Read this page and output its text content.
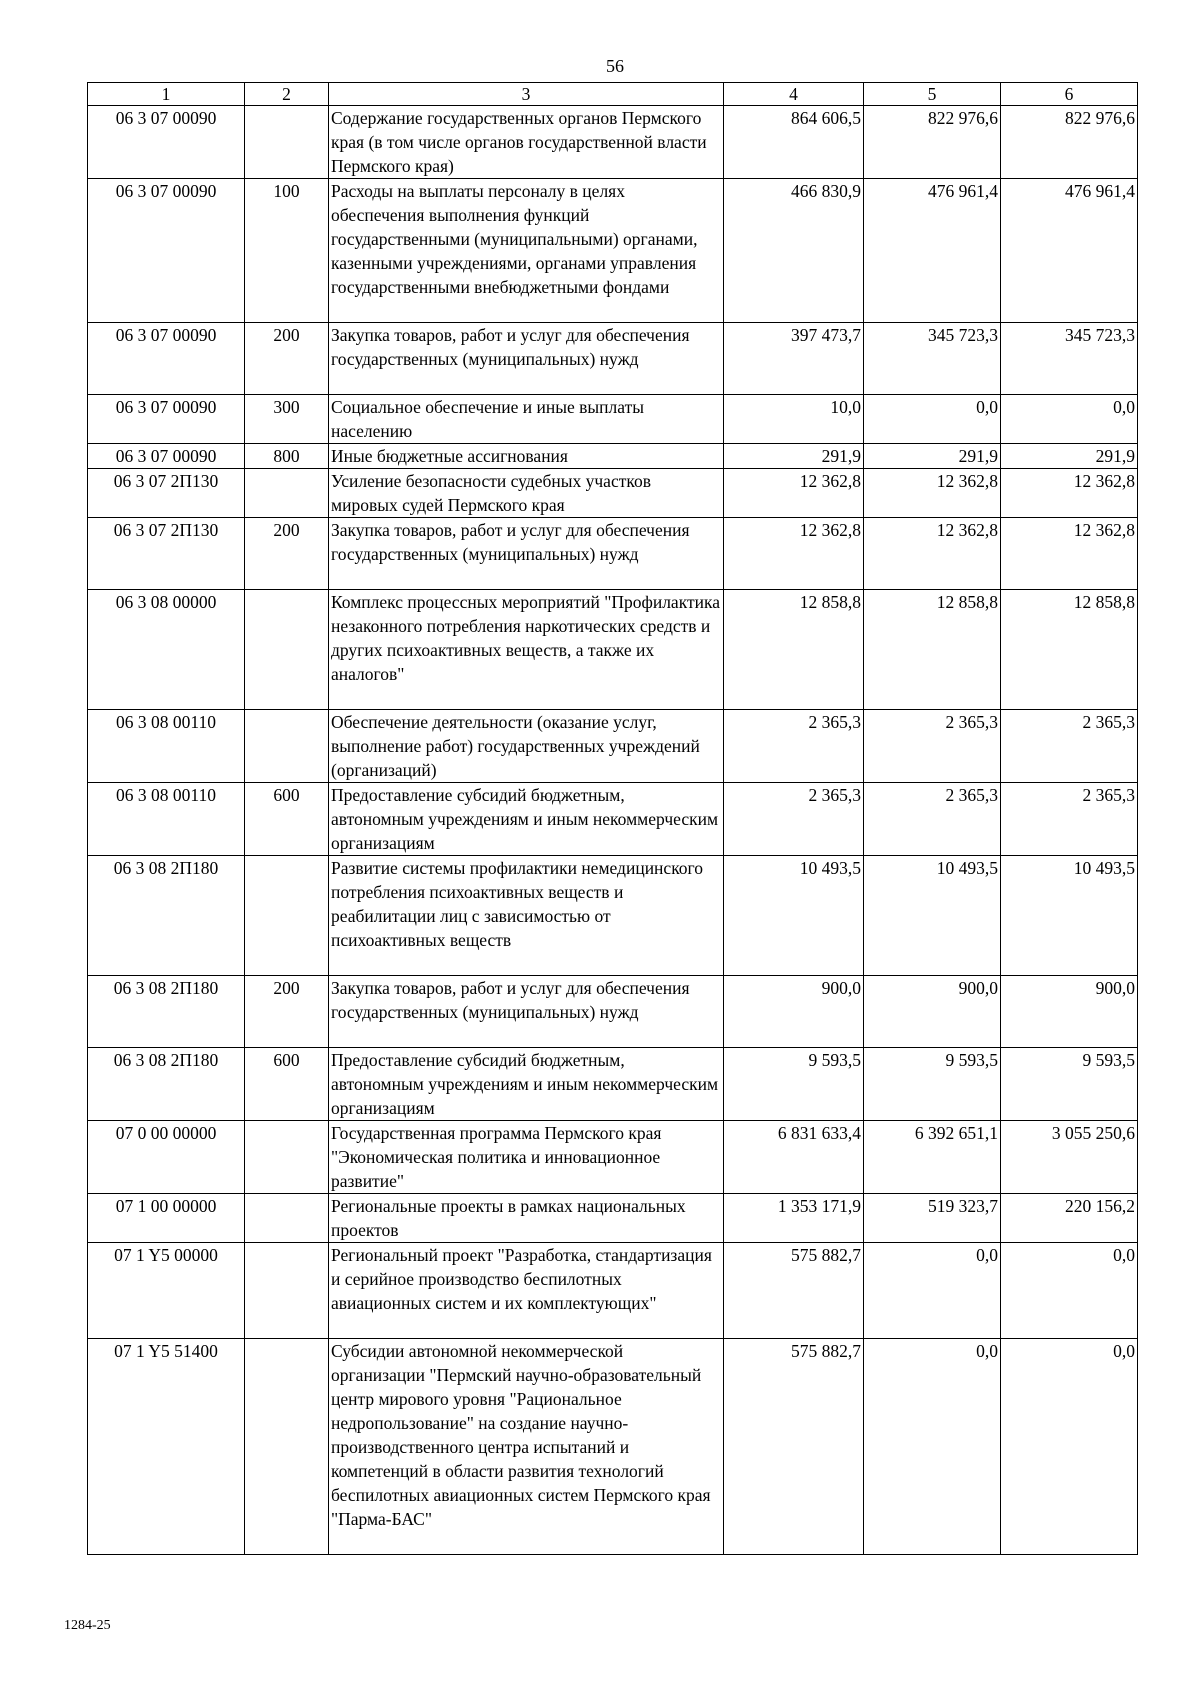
56
1	2	3	4	5	6
06 3 07 00090		Содержание государственных органов Пермского края (в том числе органов государственной власти Пермского края)	864 606,5	822 976,6	822 976,6
06 3 07 00090	100	Расходы на выплаты персоналу в целях обеспечения выполнения функций государственными (муниципальными) органами, казенными учреждениями, органами управления государственными внебюджетными фондами	466 830,9	476 961,4	476 961,4
06 3 07 00090	200	Закупка товаров, работ и услуг для обеспечения государственных (муниципальных) нужд	397 473,7	345 723,3	345 723,3
06 3 07 00090	300	Социальное обеспечение и иные выплаты населению	10,0	0,0	0,0
06 3 07 00090	800	Иные бюджетные ассигнования	291,9	291,9	291,9
06 3 07 2П130		Усиление безопасности судебных участков мировых судей Пермского края	12 362,8	12 362,8	12 362,8
06 3 07 2П130	200	Закупка товаров, работ и услуг для обеспечения государственных (муниципальных) нужд	12 362,8	12 362,8	12 362,8
06 3 08 00000		Комплекс процессных мероприятий "Профилактика незаконного потребления наркотических средств и других психоактивных веществ, а также их аналогов"	12 858,8	12 858,8	12 858,8
06 3 08 00110		Обеспечение деятельности (оказание услуг, выполнение работ) государственных учреждений (организаций)	2 365,3	2 365,3	2 365,3
06 3 08 00110	600	Предоставление субсидий бюджетным, автономным учреждениям и иным некоммерческим организациям	2 365,3	2 365,3	2 365,3
06 3 08 2П180		Развитие системы профилактики немедицинского потребления психоактивных веществ и реабилитации лиц с зависимостью от психоактивных веществ	10 493,5	10 493,5	10 493,5
06 3 08 2П180	200	Закупка товаров, работ и услуг для обеспечения государственных (муниципальных) нужд	900,0	900,0	900,0
06 3 08 2П180	600	Предоставление субсидий бюджетным, автономным учреждениям и иным некоммерческим организациям	9 593,5	9 593,5	9 593,5
07 0 00 00000		Государственная программа Пермского края "Экономическая политика и инновационное развитие"	6 831 633,4	6 392 651,1	3 055 250,6
07 1 00 00000		Региональные проекты в рамках национальных проектов	1 353 171,9	519 323,7	220 156,2
07 1 Y5 00000		Региональный проект "Разработка, стандартизация и серийное производство беспилотных авиационных систем и их комплектующих"	575 882,7	0,0	0,0
07 1 Y5 51400		Субсидии автономной некоммерческой организации "Пермский научно-образовательный центр мирового уровня "Рациональное недропользование" на создание научно-производственного центра испытаний и компетенций в области развития технологий беспилотных авиационных систем Пермского края "Парма-БАС"	575 882,7	0,0	0,0
1284-25
